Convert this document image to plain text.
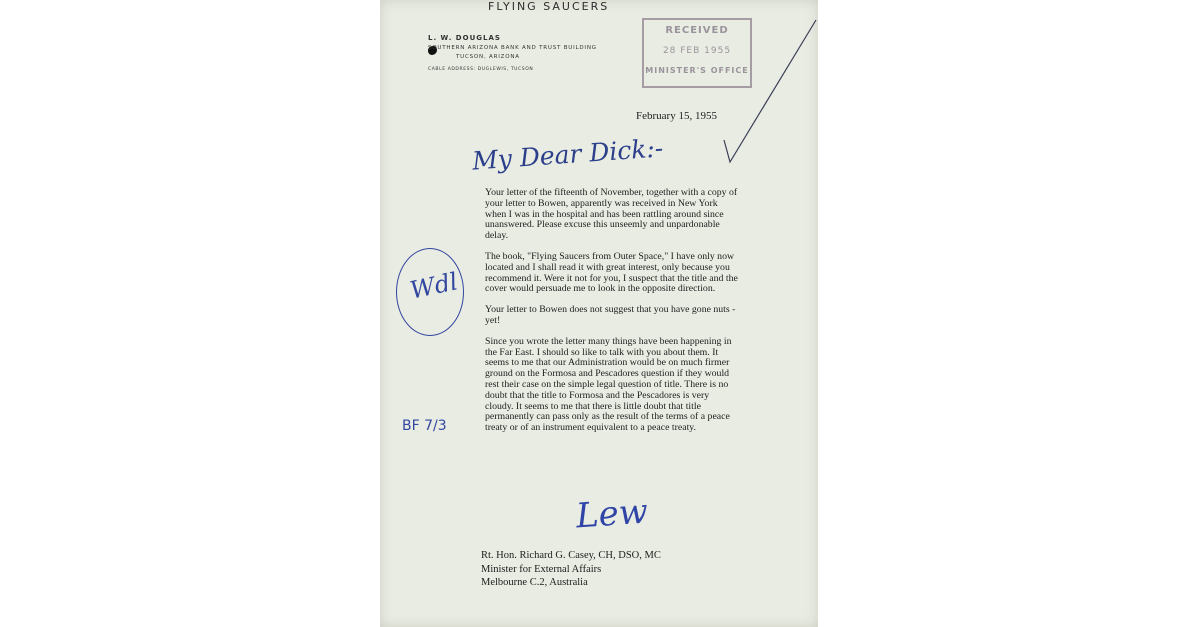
FLYING SAUCERS
L. W. DOUGLAS
SOUTHERN ARIZONA BANK AND TRUST BUILDING
TUCSON, ARIZONA
CABLE ADDRESS: DUGLEWIS, TUCSON
RECEIVED
28 FEB 1955
MINISTER'S OFFICE
February 15, 1955
My Dear Dick:-

Your letter of the fifteenth of November, together with a copy of your letter to Bowen, apparently was received in New York when I was in the hospital and has been rattling around since unanswered. Please excuse this unseemly and unpardonable delay.

The book, "Flying Saucers from Outer Space," I have only now located and I shall read it with great interest, only because you recommend it. Were it not for you, I suspect that the title and the cover would persuade me to look in the opposite direction.

Your letter to Bowen does not suggest that you have gone nuts - yet!

Since you wrote the letter many things have been happening in the Far East. I should so like to talk with you about them. It seems to me that our Administration would be on much firmer ground on the Formosa and Pescadores question if they would rest their case on the simple legal question of title. There is no doubt that the title to Formosa and the Pescadores is very cloudy. It seems to me that there is little doubt that title permanently can pass only as the result of the terms of a peace treaty or of an instrument equivalent to a peace treaty.

Wdl
BF 7/3
Lew
Rt. Hon. Richard G. Casey, CH, DSO, MC
Minister for External Affairs
Melbourne C.2, Australia
